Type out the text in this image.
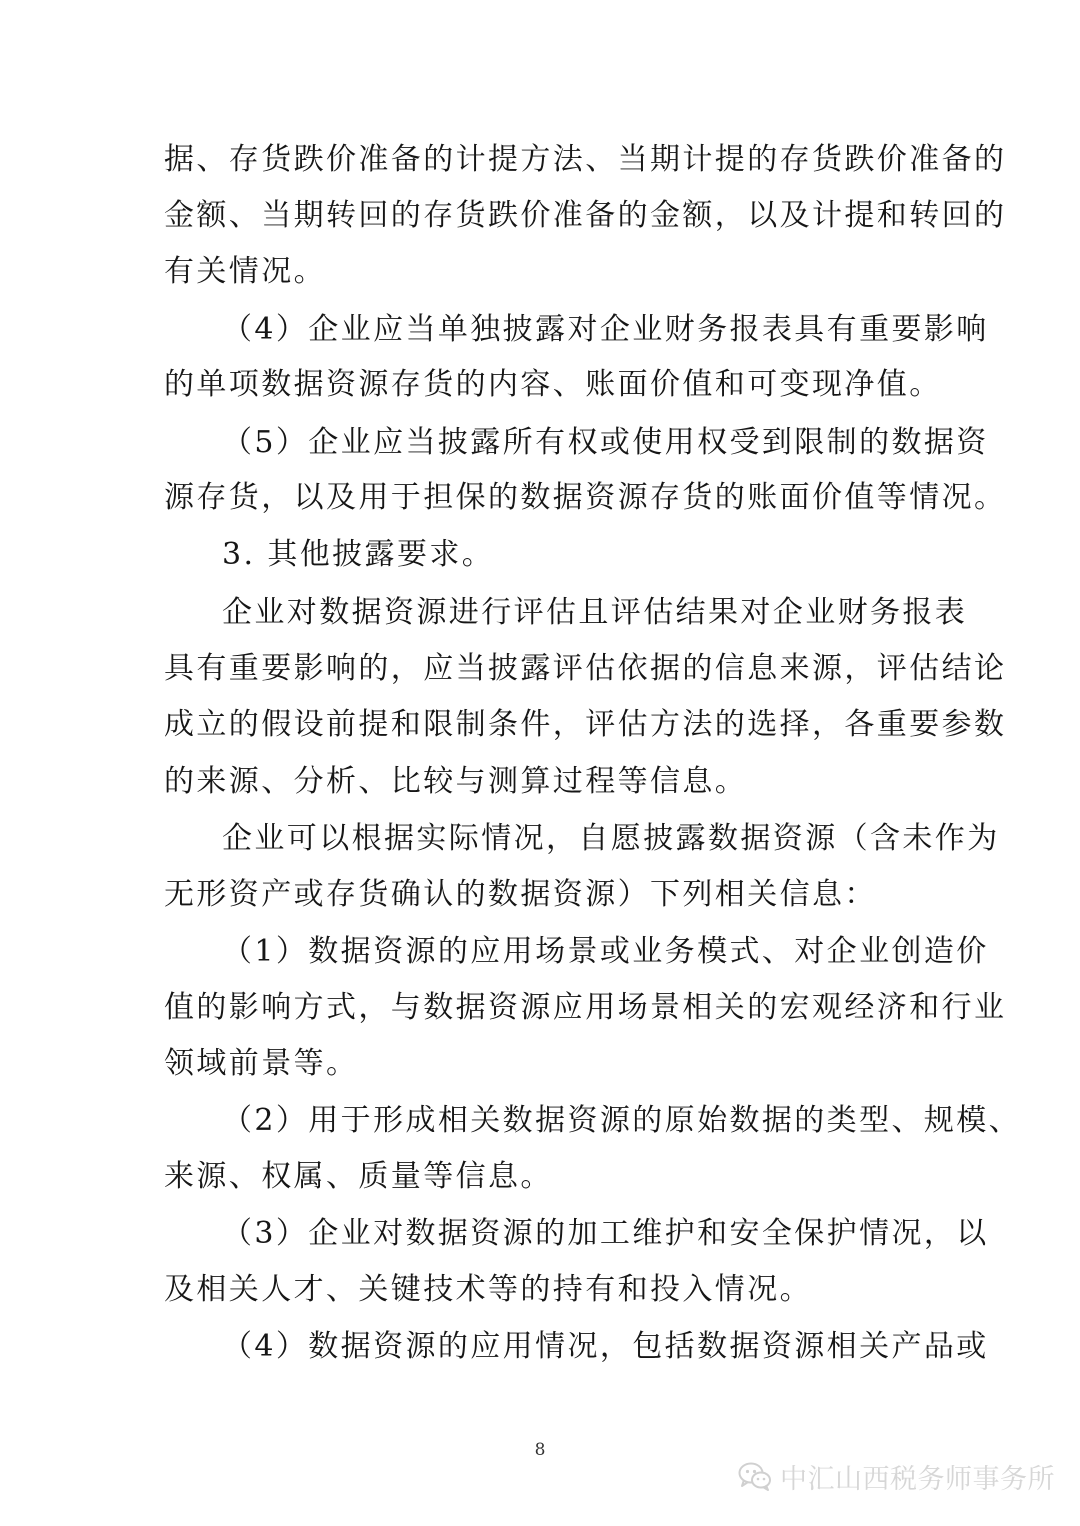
据、存货跌价准备的计提方法、当期计提的存货跌价准备的
金额、当期转回的存货跌价准备的金额，以及计提和转回的
有关情况。
（4）企业应当单独披露对企业财务报表具有重要影响
的单项数据资源存货的内容、账面价值和可变现净值。
（5）企业应当披露所有权或使用权受到限制的数据资
源存货，以及用于担保的数据资源存货的账面价值等情况。
3. 其他披露要求。
企业对数据资源进行评估且评估结果对企业财务报表
具有重要影响的，应当披露评估依据的信息来源，评估结论
成立的假设前提和限制条件，评估方法的选择，各重要参数
的来源、分析、比较与测算过程等信息。
企业可以根据实际情况，自愿披露数据资源（含未作为
无形资产或存货确认的数据资源）下列相关信息：
（1）数据资源的应用场景或业务模式、对企业创造价
值的影响方式，与数据资源应用场景相关的宏观经济和行业
领域前景等。
（2）用于形成相关数据资源的原始数据的类型、规模、
来源、权属、质量等信息。
（3）企业对数据资源的加工维护和安全保护情况，以
及相关人才、关键技术等的持有和投入情况。
（4）数据资源的应用情况，包括数据资源相关产品或
8
中汇山西税务师事务所
